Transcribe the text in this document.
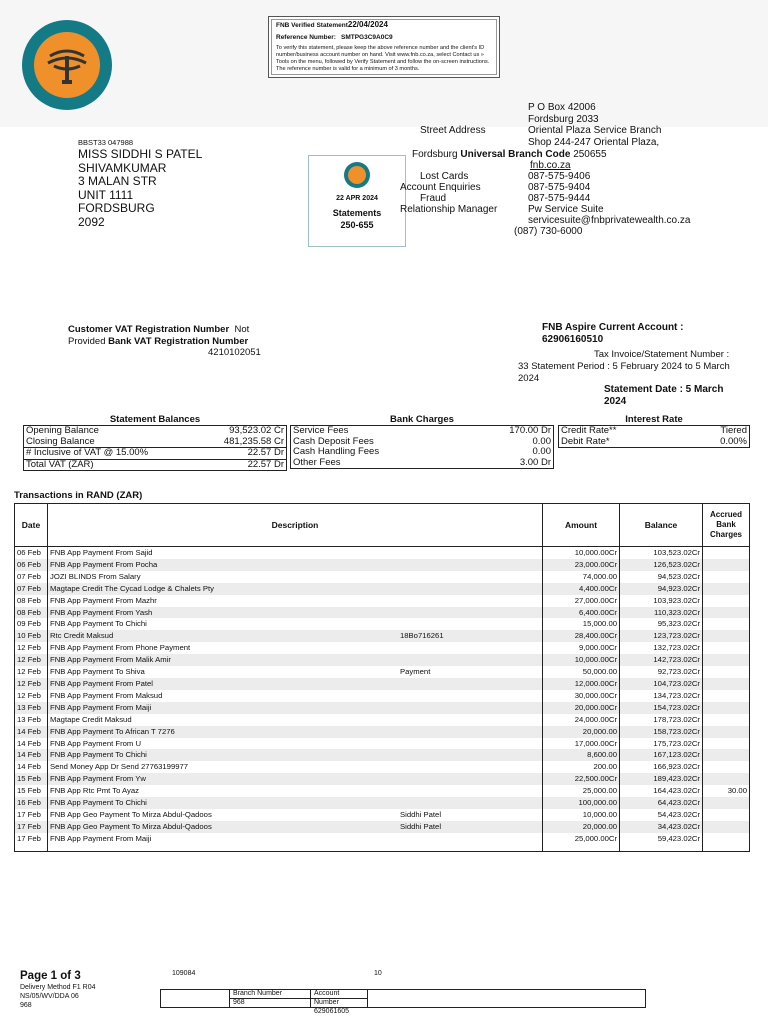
FNB Verified Statement22/04/2024
Reference Number: SMTPG3C9A0C9
To verify this statement, please keep the above reference number and the client's ID number/business account number on hand. Visit www.fnb.co.za, select Contact us » Tools on the menu, followed by Verify Statement and follow the on-screen instructions. The reference number is valid for a minimum of 3 months.
BBST33 047988
MISS SIDDHI S PATEL
SHIVAMKUMAR
3 MALAN STR
UNIT 1111
FORDSBURG
2092
22 APR 2024
Statements
250-655
P O Box 42006
Fordsburg 2033
Street Address	Oriental Plaza Service Branch
Shop 244-247 Oriental Plaza,
Fordsburg Universal Branch Code 250655
fnb.co.za
Lost Cards	087-575-9406
Account Enquiries	087-575-9404
Fraud	087-575-9444
Relationship Manager	Pw Service Suite
servicesuite@fnbprivatewealth.co.za
(087) 730-6000
Customer VAT Registration Number Not
Provided Bank VAT Registration Number
4210102051
FNB Aspire Current Account :
62906160510
Tax Invoice/Statement Number :
33 Statement Period : 5 February 2024 to 5 March
2024
Statement Date : 5 March
2024
Statement Balances
Opening Balance	93,523.02 Cr
Closing Balance	481,235.58 Cr
# Inclusive of VAT @ 15.00%	22.57 Dr
Total VAT (ZAR)	22.57 Dr
Bank Charges
Service Fees	170.00 Dr
Cash Deposit Fees	0.00
Cash Handling Fees	0.00
Other Fees	3.00 Dr
Interest Rate
Credit Rate**	Tiered
Debit Rate*	0.00%
Transactions in RAND (ZAR)
Date	Description	Amount	Balance	Accrued Bank Charges
06 Feb	FNB App Payment From Sajid	10,000.00Cr	103,523.02Cr	
06 Feb	FNB App Payment From Pocha	23,000.00Cr	126,523.02Cr	
07 Feb	JOZI BLINDS From Salary	74,000.00	94,523.02Cr	
07 Feb	Magtape Credit The Cycad Lodge & Chalets Pty	4,400.00Cr	94,923.02Cr	
08 Feb	FNB App Payment From Mazhr	27,000.00Cr	103,923.02Cr	
08 Feb	FNB App Payment From Yash	6,400.00Cr	110,323.02Cr	
09 Feb	FNB App Payment To Chichi	15,000.00	95,323.02Cr	
10 Feb	Rtc Credit Maksud 18Bo716261	28,400.00Cr	123,723.02Cr	
12 Feb	FNB App Payment From Phone Payment	9,000.00Cr	132,723.02Cr	
12 Feb	FNB App Payment From Malik Amir	10,000.00Cr	142,723.02Cr	
12 Feb	FNB App Payment To Shiva Payment	50,000.00	92,723.02Cr	
12 Feb	FNB App Payment From Patel	12,000.00Cr	104,723.02Cr	
12 Feb	FNB App Payment From Maksud	30,000.00Cr	134,723.02Cr	
13 Feb	FNB App Payment From Maiji	20,000.00Cr	154,723.02Cr	
13 Feb	Magtape Credit Maksud	24,000.00Cr	178,723.02Cr	
14 Feb	FNB App Payment To African T 7276	20,000.00	158,723.02Cr	
14 Feb	FNB App Payment From U	17,000.00Cr	175,723.02Cr	
14 Feb	FNB App Payment To Chichi	8,600.00	167,123.02Cr	
14 Feb	Send Money App Dr Send 27763199977	200.00	166,923.02Cr	
15 Feb	FNB App Payment From Yw	22,500.00Cr	189,423.02Cr	
15 Feb	FNB App Rtc Pmt To Ayaz	25,000.00	164,423.02Cr	30.00
16 Feb	FNB App Payment To Chichi	100,000.00	64,423.02Cr	
17 Feb	FNB App Geo Payment To Mirza Abdul-Qadoos Siddhi Patel	10,000.00	54,423.02Cr	
17 Feb	FNB App Geo Payment To Mirza Abdul-Qadoos Siddhi Patel	20,000.00	34,423.02Cr	
17 Feb	FNB App Payment From Maiji	25,000.00Cr	59,423.02Cr	

Page 1 of 3
Delivery Method F1 R04
NS/05/WV/DDA 06
968
109084	10
	Branch Number	Account	
	968	Number	
629061605
